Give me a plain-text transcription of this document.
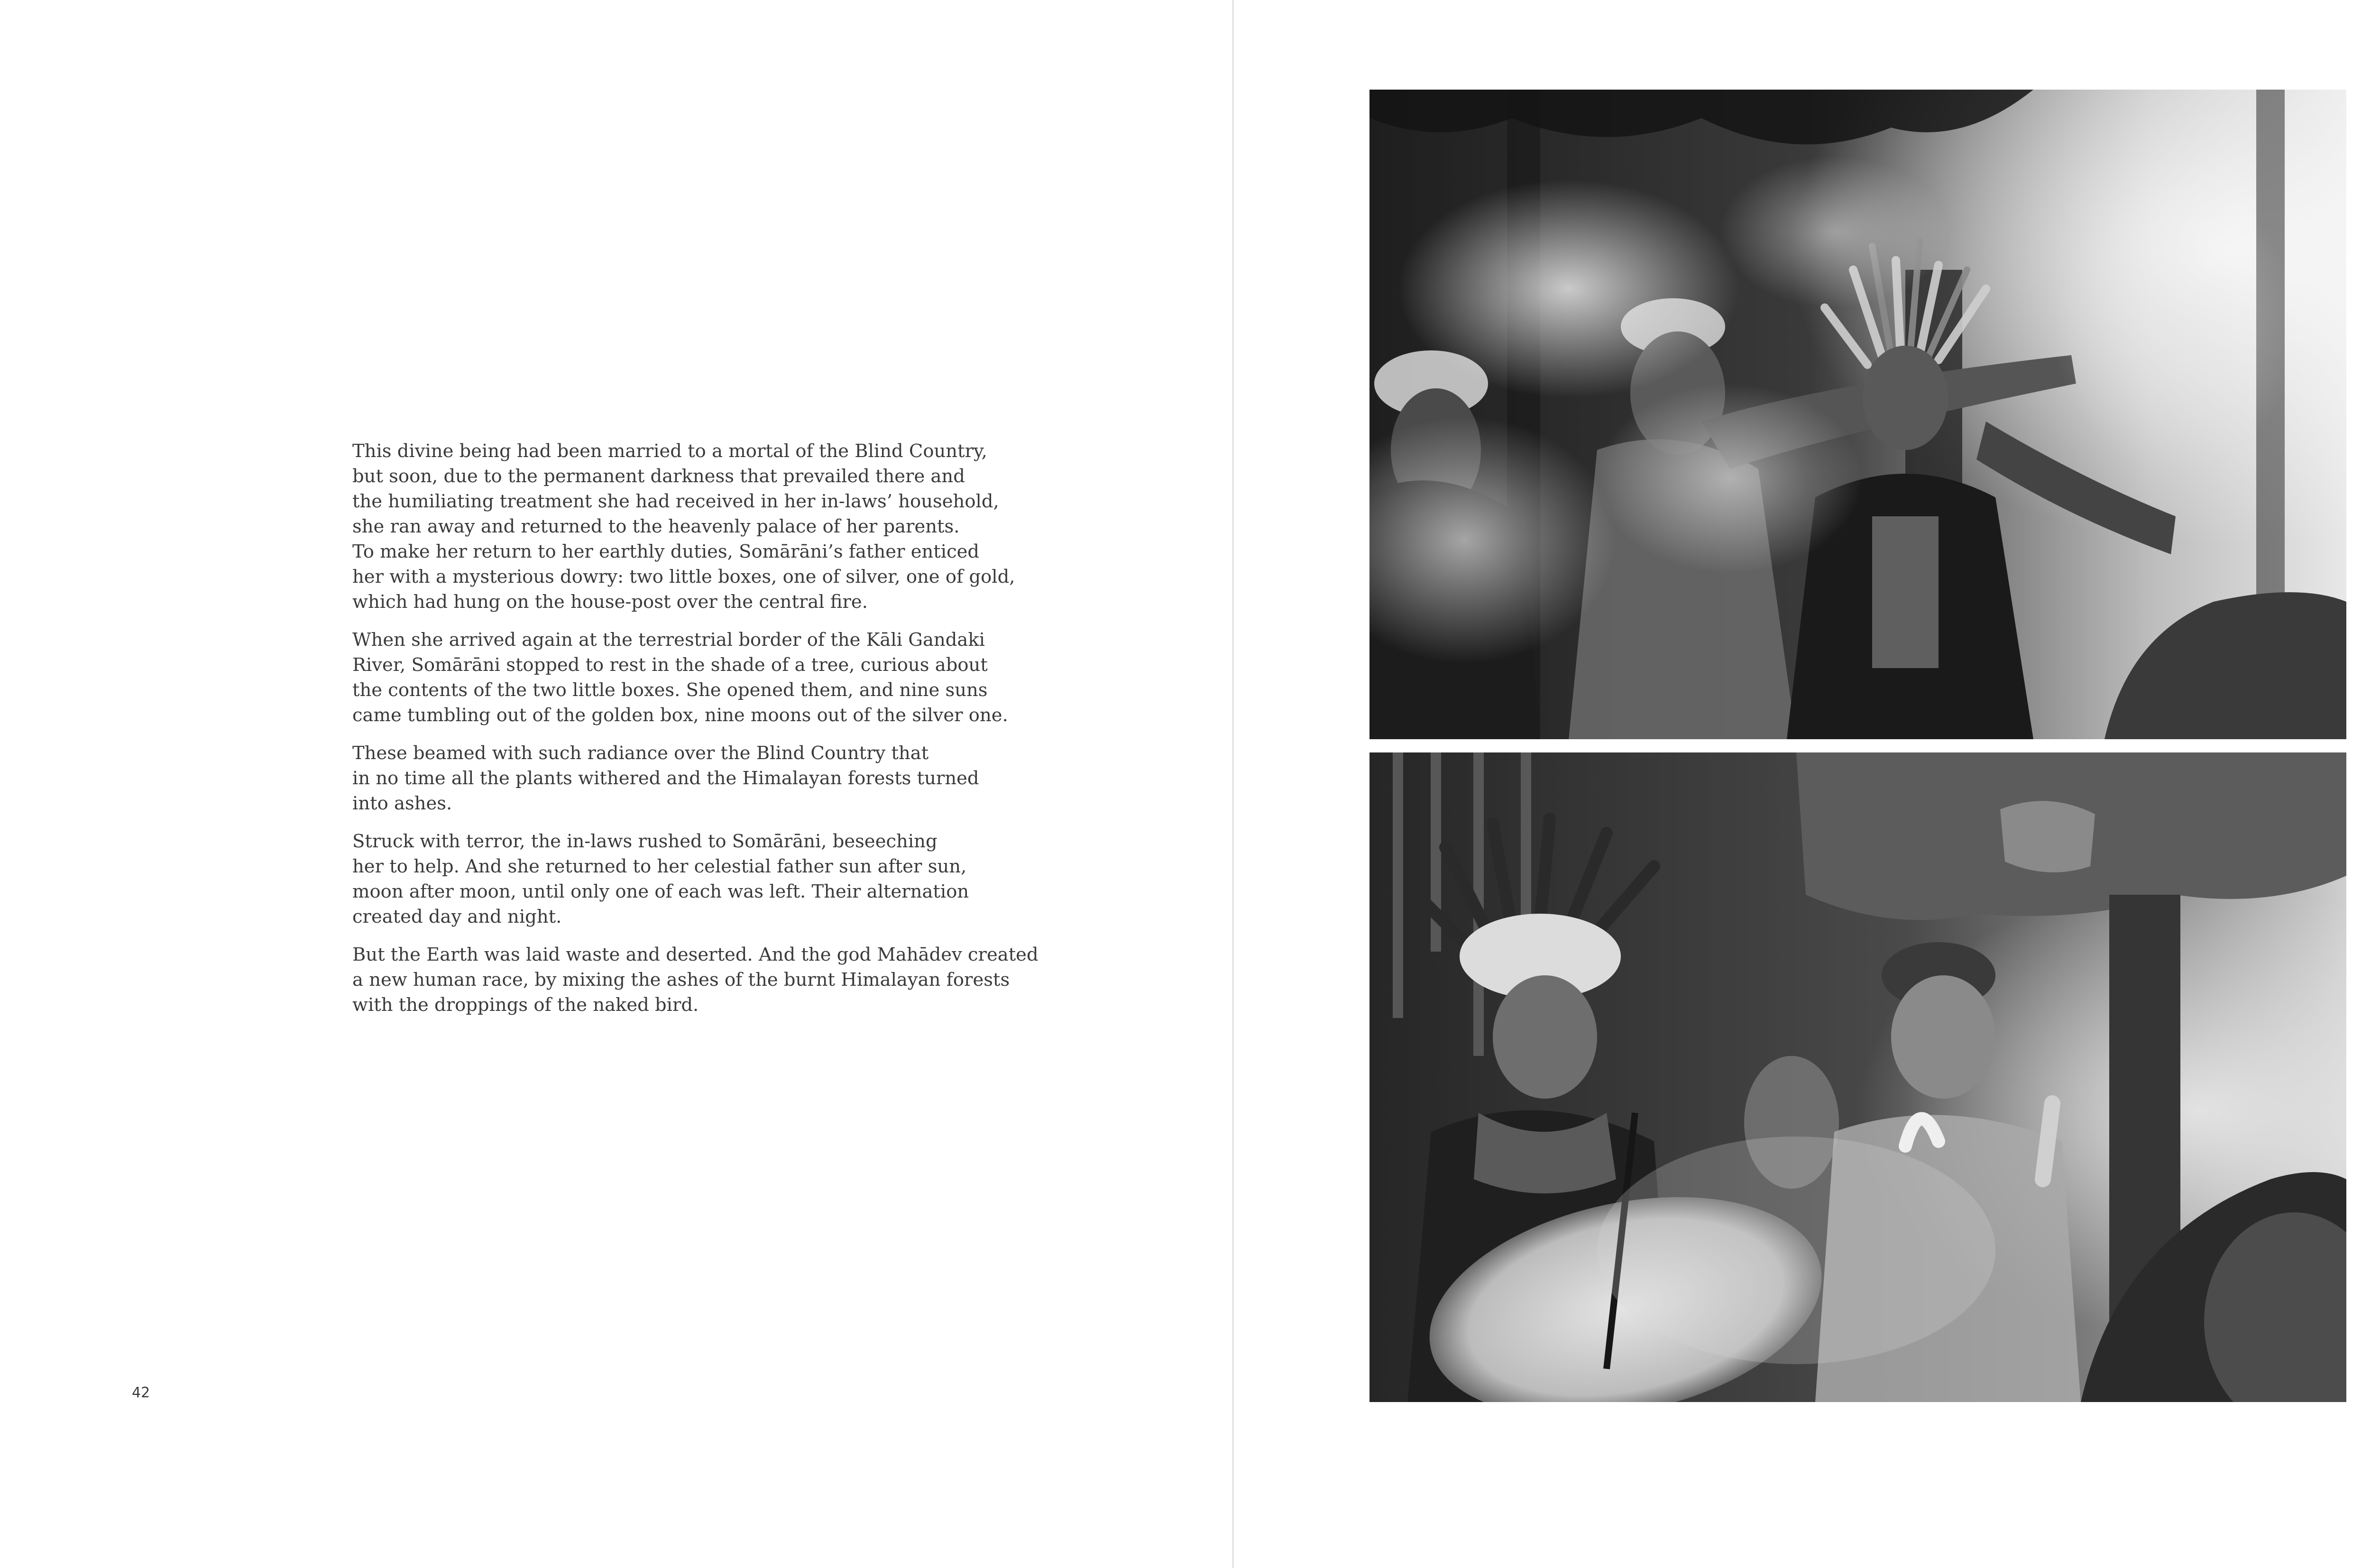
This divine being had been married to a mortal of the Blind Country,
but soon, due to the permanent darkness that prevailed there and
the humiliating treatment she had received in her in-laws’ household,
she ran away and returned to the heavenly palace of her parents.
To make her return to her earthly duties, Somārāni’s father enticed
her with a mysterious dowry: two little boxes, one of silver, one of gold,
which had hung on the house-post over the central fire.

When she arrived again at the terrestrial border of the Kāli Gandaki
River, Somārāni stopped to rest in the shade of a tree, curious about
the contents of the two little boxes. She opened them, and nine suns
came tumbling out of the golden box, nine moons out of the silver one.

These beamed with such radiance over the Blind Country that
in no time all the plants withered and the Himalayan forests turned
into ashes.

Struck with terror, the in-laws rushed to Somārāni, beseeching
her to help. And she returned to her celestial father sun after sun,
moon after moon, until only one of each was left. Their alternation
created day and night.

But the Earth was laid waste and deserted. And the god Mahādev created
a new human race, by mixing the ashes of the burnt Himalayan forests
with the droppings of the naked bird.

42
